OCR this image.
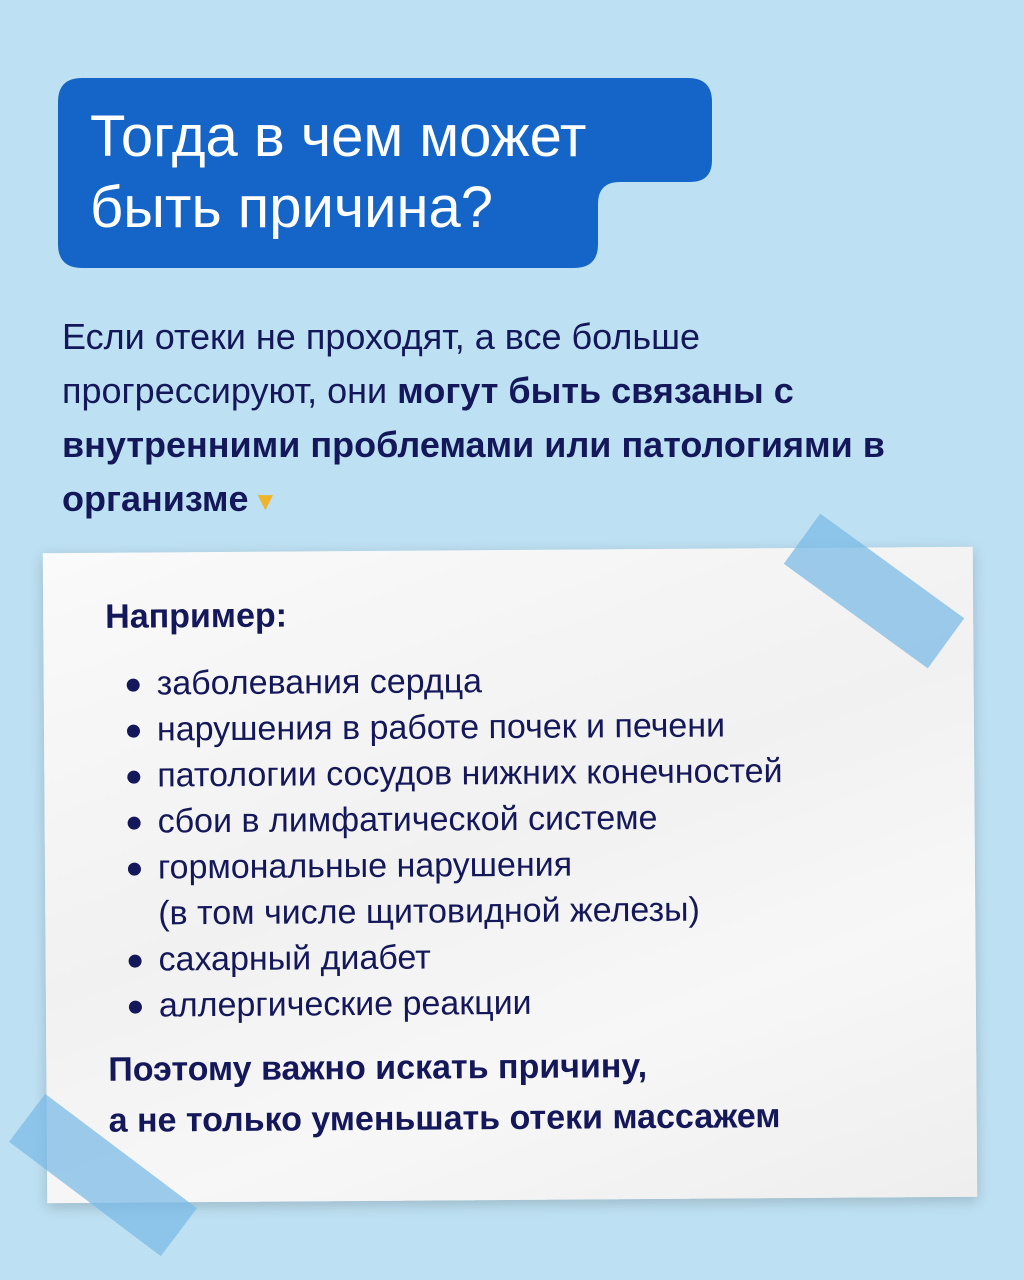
Тогда в чем может
быть причина?

Если отеки не проходят, а все больше прогрессируют, они могут быть связаны с внутренними проблемами или патологиями в организме ▼

Например:
заболевания сердца
нарушения в работе почек и печени
патологии сосудов нижних конечностей
сбои в лимфатической системе
гормональные нарушения
(в том числе щитовидной железы)
сахарный диабет
аллергические реакции

Поэтому важно искать причину,
а не только уменьшать отеки массажем
